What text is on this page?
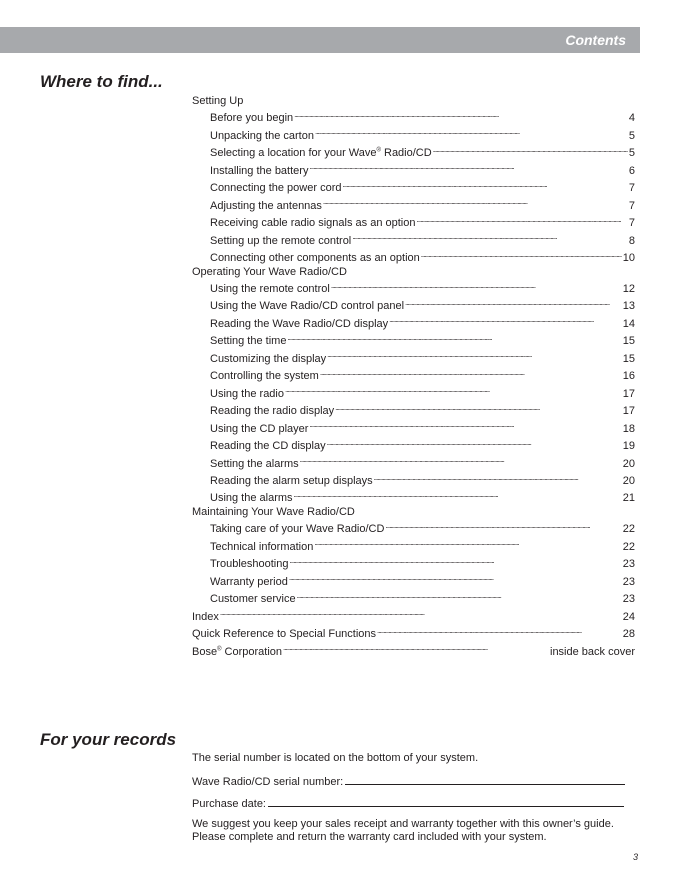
Contents
Where to find...
Setting Up
Before you begin . . .	4
Unpacking the carton . . .	5
Selecting a location for your Wave® Radio/CD . . .	5
Installing the battery . . .	6
Connecting the power cord . . .	7
Adjusting the antennas . . .	7
Receiving cable radio signals as an option . . .	7
Setting up the remote control . . .	8
Connecting other components as an option . . .	10
Operating Your Wave Radio/CD
Using the remote control . . .	12
Using the Wave Radio/CD control panel . . .	13
Reading the Wave Radio/CD display . . .	14
Setting the time . . .	15
Customizing the display . . .	15
Controlling the system . . .	16
Using the radio . . .	17
Reading the radio display . . .	17
Using the CD player . . .	18
Reading the CD display . . .	19
Setting the alarms . . .	20
Reading the alarm setup displays . . .	20
Using the alarms . . .	21
Maintaining Your Wave Radio/CD
Taking care of your Wave Radio/CD . . .	22
Technical information . . .	22
Troubleshooting . . .	23
Warranty period . . .	23
Customer service . . .	23
Index . . .	24
Quick Reference to Special Functions . . .	28
Bose® Corporation . . .	inside back cover
For your records
The serial number is located on the bottom of your system.
Wave Radio/CD serial number:
Purchase date:
We suggest you keep your sales receipt and warranty together with this owner’s guide.
Please complete and return the warranty card included with your system.
3
